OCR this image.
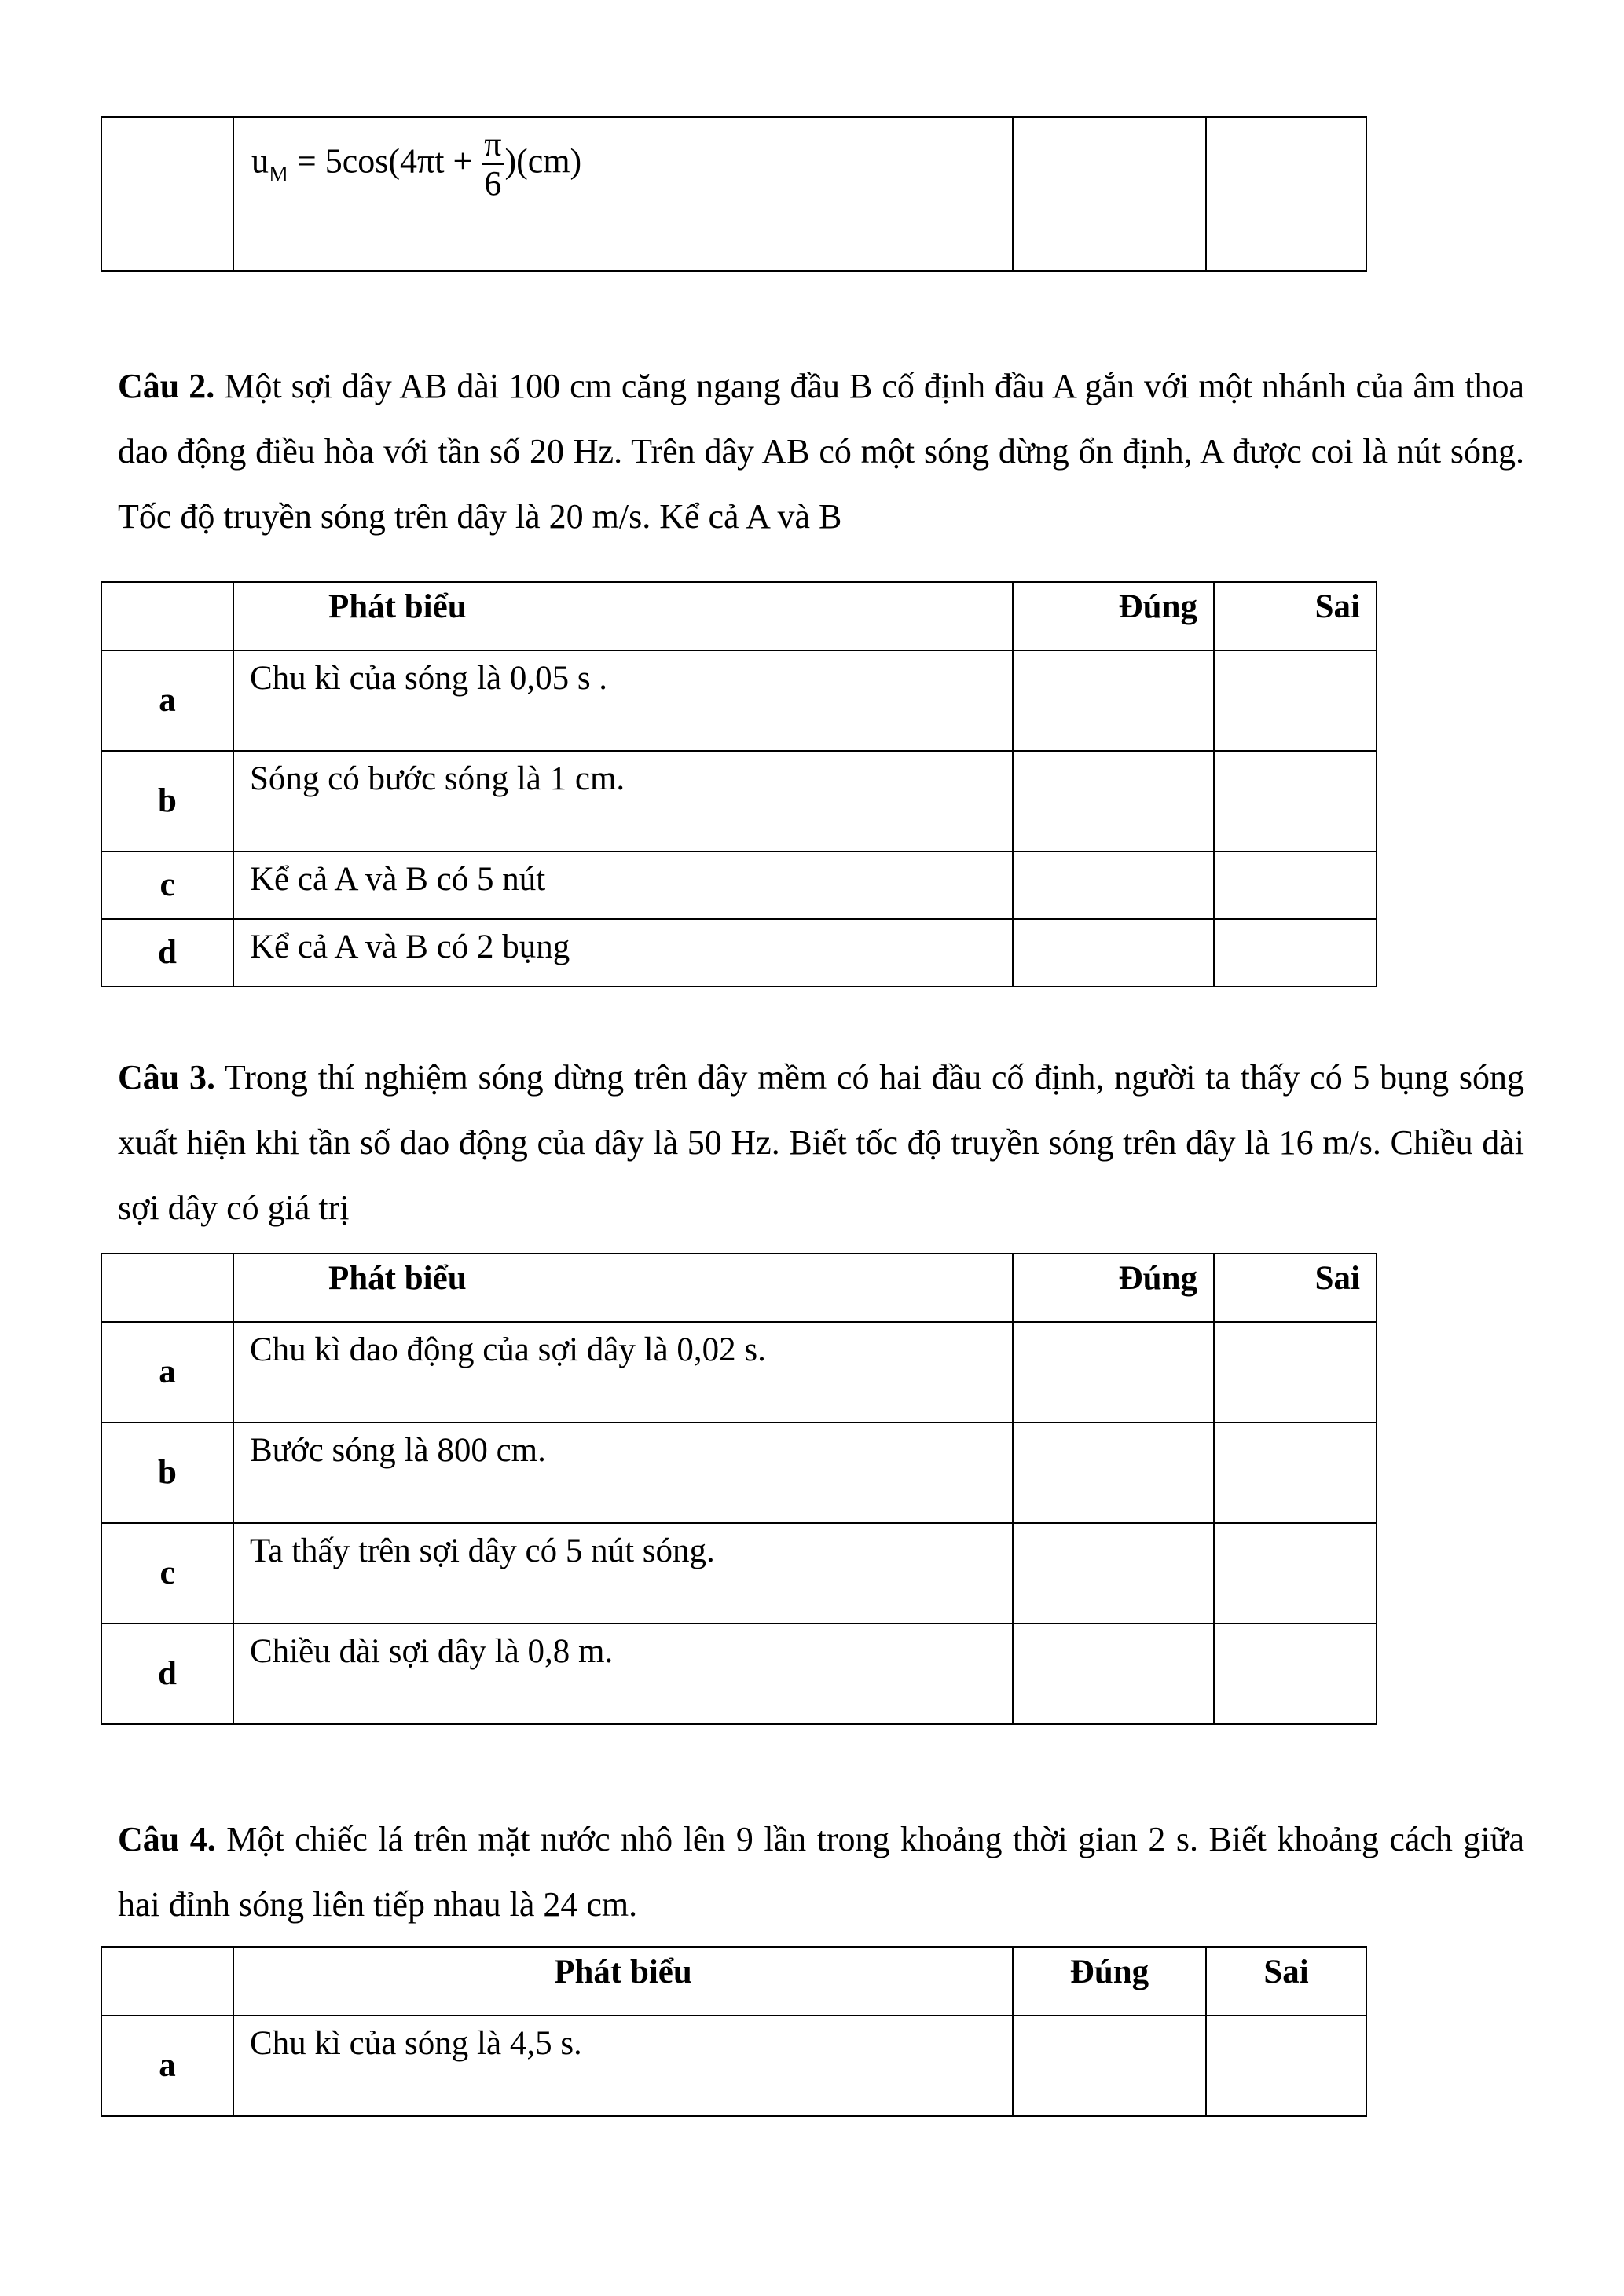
$u_M = 5\cos(4\pi t + \frac{\pi}{6} )(cm)$

Câu 2. Một sợi dây AB dài 100 cm căng ngang đầu B cố định đầu A gắn với một nhánh của âm thoa dao động điều hòa với tần số 20 Hz. Trên dây AB có một sóng dừng ổn định, A được coi là nút sóng. Tốc độ truyền sóng trên dây là 20 m/s. Kể cả A và B

	Phát biểu	Đúng	Sai
a	Chu kì của sóng là 0,05 s .		
b	Sóng có bước sóng là 1 cm.		
c	Kể cả A và B có 5 nút		
d	Kể cả A và B có 2 bụng		

Câu 3. Trong thí nghiệm sóng dừng trên dây mềm có hai đầu cố định, người ta thấy có 5 bụng sóng xuất hiện khi tần số dao động của dây là 50 Hz. Biết tốc độ truyền sóng trên dây là 16 m/s. Chiều dài sợi dây có giá trị

	Phát biểu	Đúng	Sai
a	Chu kì dao động của sợi dây là 0,02 s.		
b	Bước sóng là 800 cm.		
c	Ta thấy trên sợi dây có 5 nút sóng.		
d	Chiều dài sợi dây là 0,8 m.		

Câu 4. Một chiếc lá trên mặt nước nhô lên 9 lần trong khoảng thời gian 2 s. Biết khoảng cách giữa hai đỉnh sóng liên tiếp nhau là 24 cm.

	Phát biểu	Đúng	Sai
a	Chu kì của sóng là 4,5 s.		
